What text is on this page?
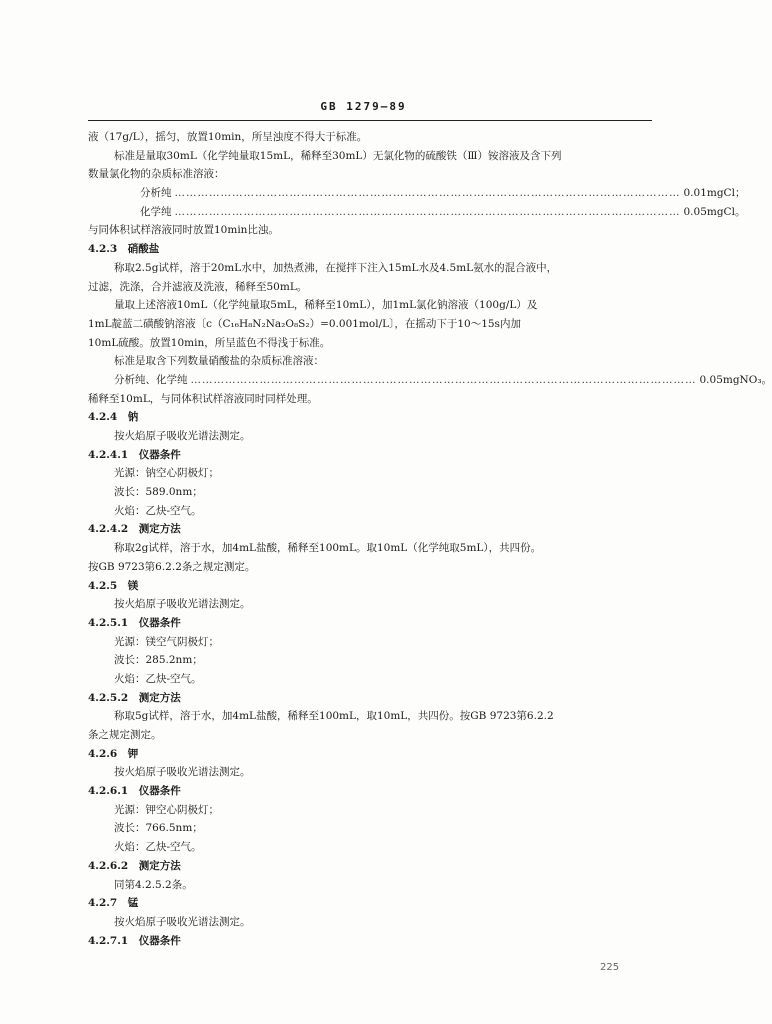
GB 1279—89
液（17g/L），摇匀，放置10min，所呈浊度不得大于标准。
标准是量取30mL（化学纯量取15mL，稀释至30mL）无氯化物的硫酸铁（Ⅲ）铵溶液及含下列
数量氯化物的杂质标准溶液：
分析纯 …………………………………………………………………………………………………………………… 0.01mgCl；
化学纯 …………………………………………………………………………………………………………………… 0.05mgCl。
与同体积试样溶液同时放置10min比浊。
4.2.3　硝酸盐
称取2.5g试样，溶于20mL水中，加热煮沸，在搅拌下注入15mL水及4.5mL氨水的混合液中，
过滤，洗涤，合并滤液及洗液，稀释至50mL。
量取上述溶液10mL（化学纯量取5mL，稀释至10mL），加1mL氯化钠溶液（100g/L）及
1mL靛蓝二磺酸钠溶液〔c（C₁₆H₈N₂Na₂O₈S₂）=0.001mol/L〕，在摇动下于10～15s内加
10mL硫酸。放置10min，所呈蓝色不得浅于标准。
标准是取含下列数量硝酸盐的杂质标准溶液：
分析纯、化学纯 …………………………………………………………………………………………………………………… 0.05mgNO₃。
稀释至10mL，与同体积试样溶液同时同样处理。
4.2.4　钠
按火焰原子吸收光谱法测定。
4.2.4.1　仪器条件
光源：钠空心阴极灯；
波长：589.0nm；
火焰：乙炔-空气。
4.2.4.2　测定方法
称取2g试样，溶于水，加4mL盐酸，稀释至100mL。取10mL（化学纯取5mL），共四份。
按GB 9723第6.2.2条之规定测定。
4.2.5　镁
按火焰原子吸收光谱法测定。
4.2.5.1　仪器条件
光源：镁空气阴极灯；
波长：285.2nm；
火焰：乙炔-空气。
4.2.5.2　测定方法
称取5g试样，溶于水，加4mL盐酸，稀释至100mL，取10mL，共四份。按GB 9723第6.2.2
条之规定测定。
4.2.6　钾
按火焰原子吸收光谱法测定。
4.2.6.1　仪器条件
光源：钾空心阴极灯；
波长：766.5nm；
火焰：乙炔-空气。
4.2.6.2　测定方法
同第4.2.5.2条。
4.2.7　锰
按火焰原子吸收光谱法测定。
4.2.7.1　仪器条件
225
